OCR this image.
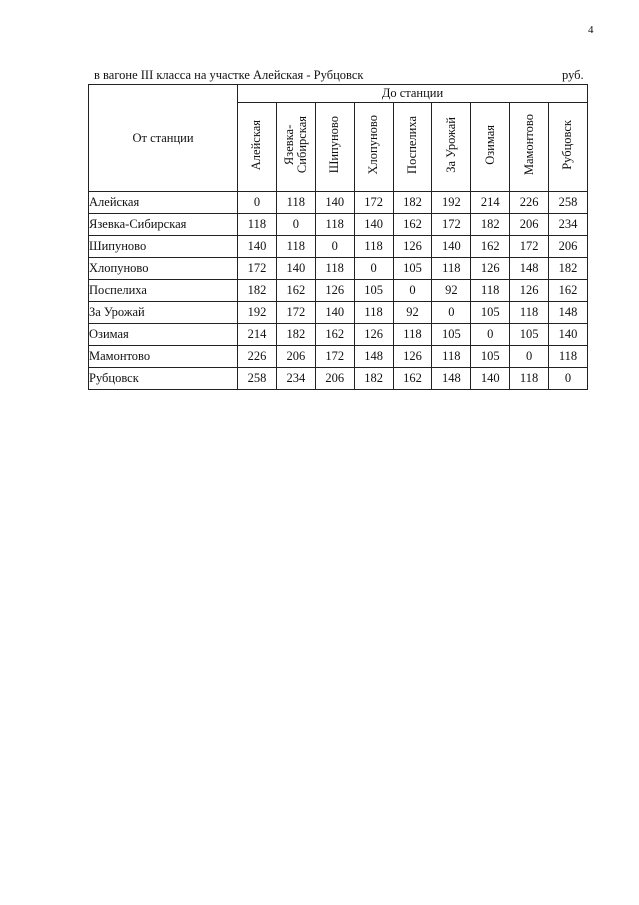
4
в вагоне III класса на участке Алейская - Рубцовск	руб.
От станции	До станции								

	Алейская	Язевка- Сибирская	Шипуново	Хлопуново	Поспелиха	За Урожай	Озимая	Мамонтово	Рубцовск

Алейская	0	118	140	172	182	192	214	226	258
Язевка-Сибирская	118	0	118	140	162	172	182	206	234
Шипуново	140	118	0	118	126	140	162	172	206
Хлопуново	172	140	118	0	105	118	126	148	182
Поспелиха	182	162	126	105	0	92	118	126	162
За Урожай	192	172	140	118	92	0	105	118	148
Озимая	214	182	162	126	118	105	0	105	140
Мамонтово	226	206	172	148	126	118	105	0	118
Рубцовск	258	234	206	182	162	148	140	118	0
